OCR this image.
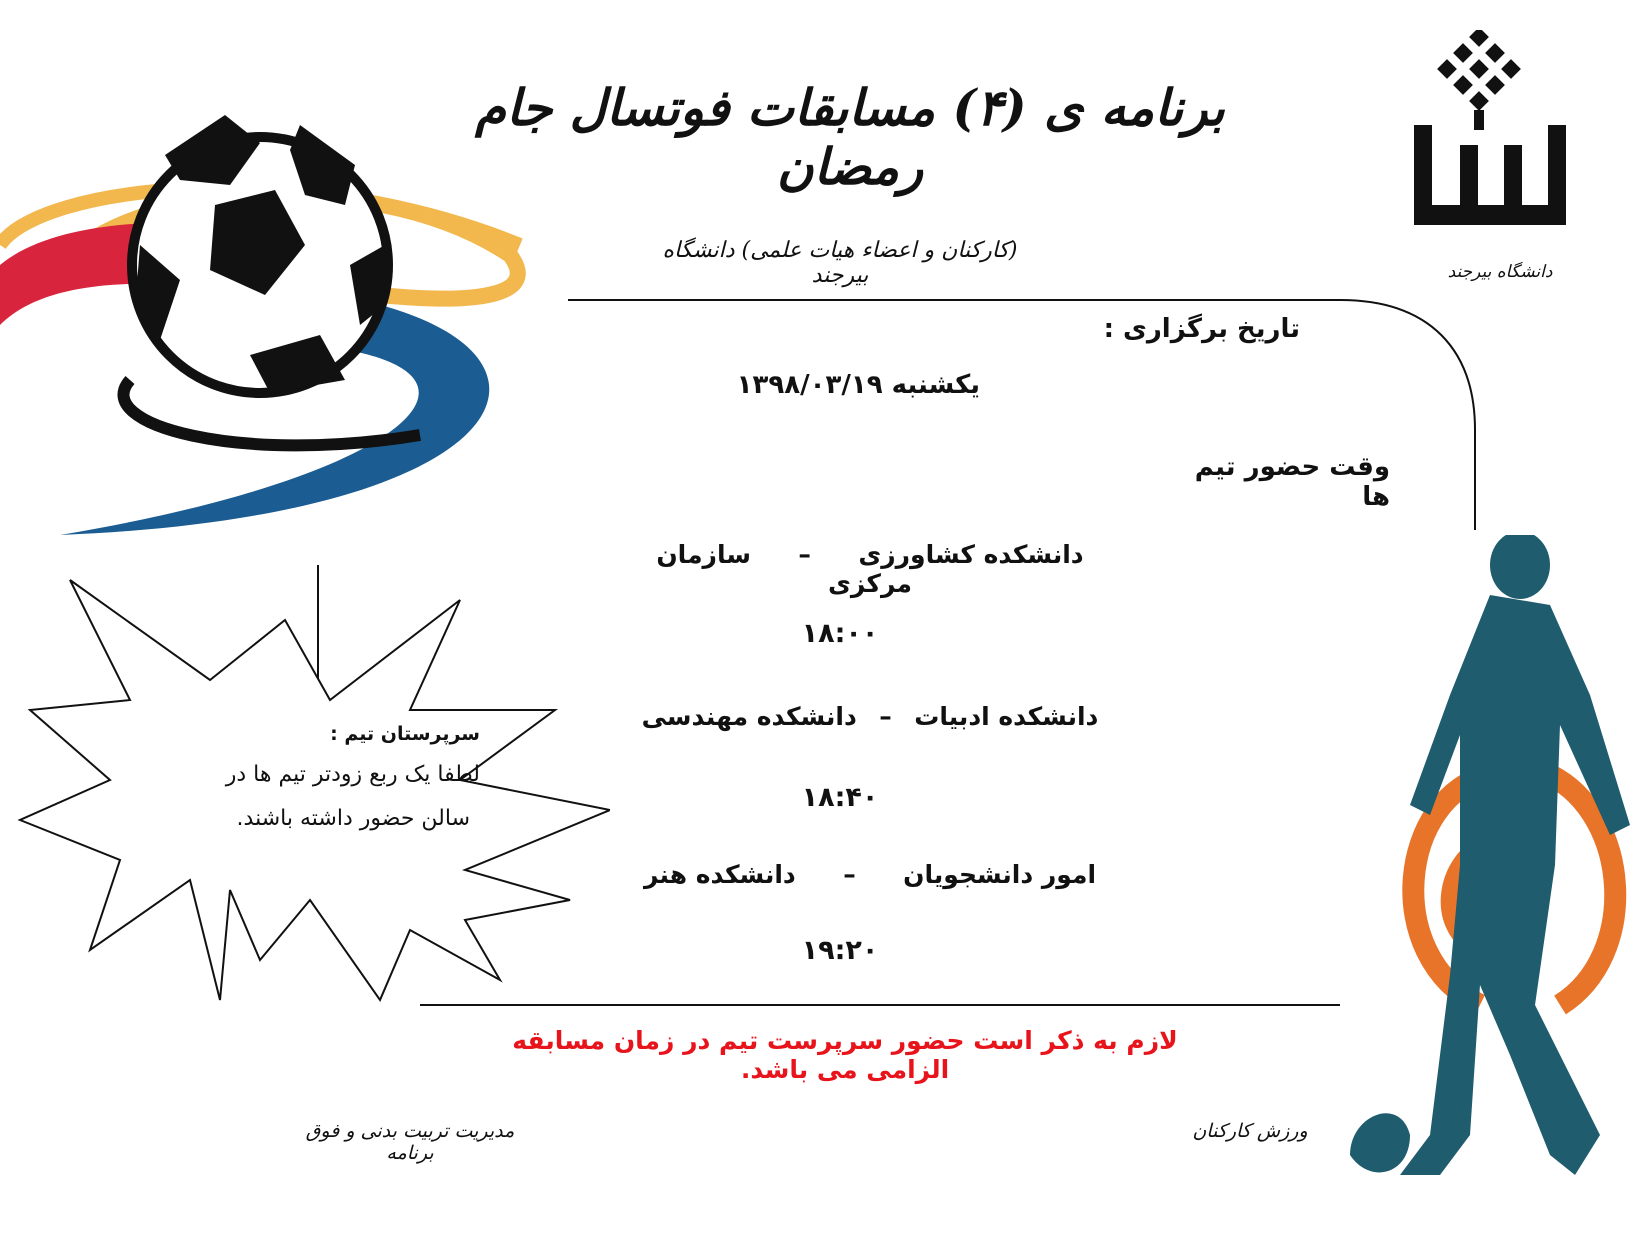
دانشگاه بیرجند
برنامه ی (۴) مسابقات فوتسال جام رمضان
(کارکنان و اعضاء هیات علمی) دانشگاه بیرجند
سرپرستان تیم :
لطفا یک ربع زودتر تیم ها در
سالن حضور داشته باشند.
تاریخ برگزاری :
یکشنبه ۱۳۹۸/۰۳/۱۹
وقت حضور تیم ها
دانشکده کشاورزی – سازمان مرکزی
۱۸:۰۰
دانشکده ادبیات – دانشکده مهندسی
۱۸:۴۰
امور دانشجویان – دانشکده هنر
۱۹:۲۰
لازم به ذکر است حضور سرپرست تیم در زمان مسابقه الزامی می باشد.
مدیریت تربیت بدنی و فوق برنامه
ورزش کارکنان
